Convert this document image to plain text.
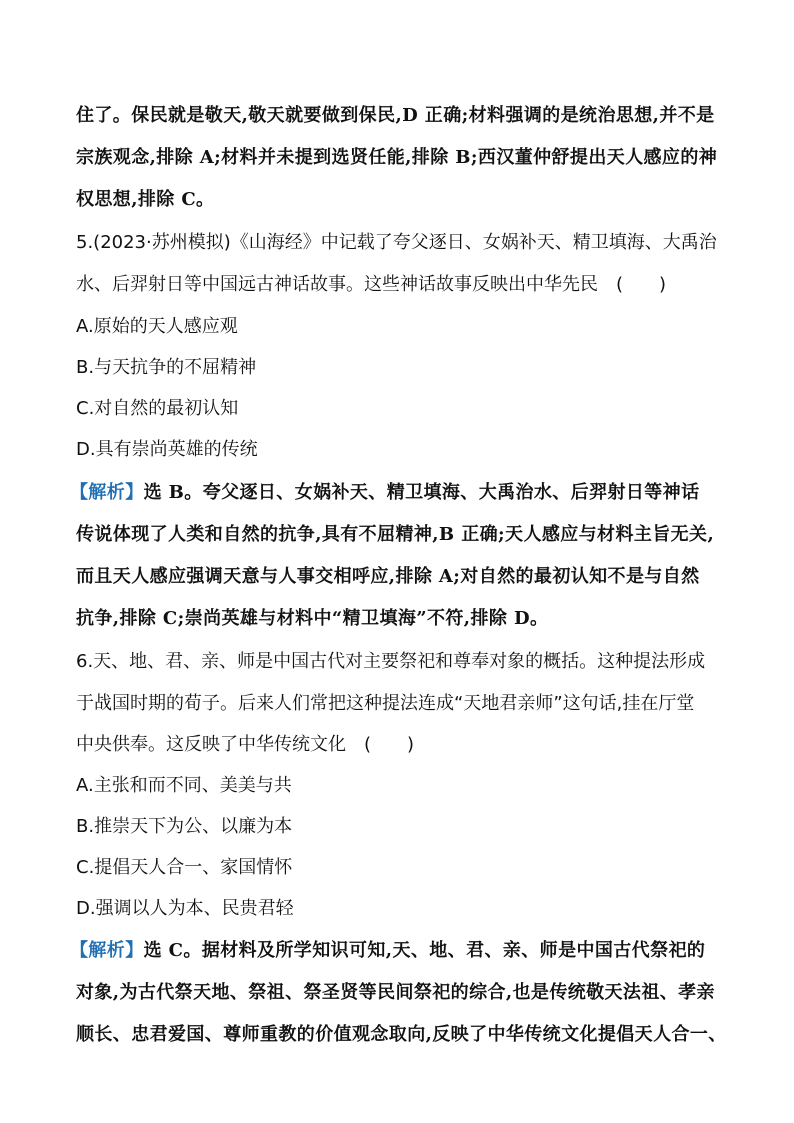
住了。保民就是敬天,敬天就要做到保民,D 正确;材料强调的是统治思想,并不是
宗族观念,排除 A;材料并未提到选贤任能,排除 B;西汉董仲舒提出天人感应的神
权思想,排除 C。
5.(2023·苏州模拟)《山海经》中记载了夸父逐日、女娲补天、精卫填海、大禹治
水、后羿射日等中国远古神话故事。这些神话故事反映出中华先民　(　　)
A.原始的天人感应观
B.与天抗争的不屈精神
C.对自然的最初认知
D.具有崇尚英雄的传统
【解析】选 B。夸父逐日、女娲补天、精卫填海、大禹治水、后羿射日等神话
传说体现了人类和自然的抗争,具有不屈精神,B 正确;天人感应与材料主旨无关,
而且天人感应强调天意与人事交相呼应,排除 A;对自然的最初认知不是与自然
抗争,排除 C;崇尚英雄与材料中“精卫填海”不符,排除 D。
6.天、地、君、亲、师是中国古代对主要祭祀和尊奉对象的概括。这种提法形成
于战国时期的荀子。后来人们常把这种提法连成“天地君亲师”这句话,挂在厅堂
中央供奉。这反映了中华传统文化　(　　)
A.主张和而不同、美美与共
B.推崇天下为公、以廉为本
C.提倡天人合一、家国情怀
D.强调以人为本、民贵君轻
【解析】选 C。据材料及所学知识可知,天、地、君、亲、师是中国古代祭祀的
对象,为古代祭天地、祭祖、祭圣贤等民间祭祀的综合,也是传统敬天法祖、孝亲
顺长、忠君爱国、尊师重教的价值观念取向,反映了中华传统文化提倡天人合一、
